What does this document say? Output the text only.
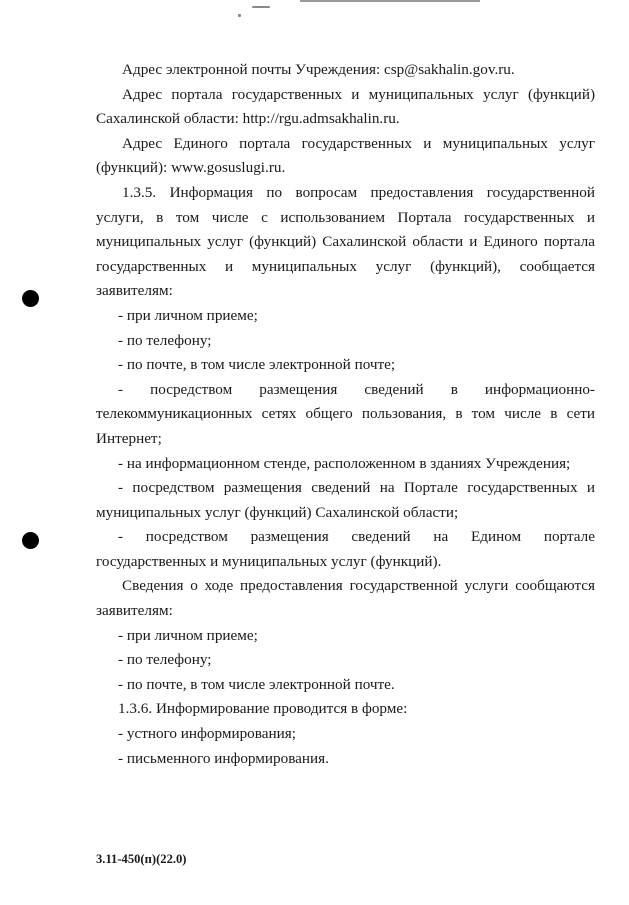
Адрес электронной почты Учреждения: csp@sakhalin.gov.ru.

Адрес портала государственных и муниципальных услуг (функций) Сахалинской области: http://rgu.admsakhalin.ru.

Адрес Единого портала государственных и муниципальных услуг (функций): www.gosuslugi.ru.

1.3.5. Информация по вопросам предоставления государственной услуги, в том числе с использованием Портала государственных и муниципальных услуг (функций) Сахалинской области и Единого портала государственных и муниципальных услуг (функций), сообщается заявителям:

- при личном приеме;

- по телефону;

- по почте, в том числе электронной почте;

- посредством размещения сведений в информационно-телекоммуникационных сетях общего пользования, в том числе в сети Интернет;

- на информационном стенде, расположенном в зданиях Учреждения;

- посредством размещения сведений на Портале государственных и муниципальных услуг (функций) Сахалинской области;

- посредством размещения сведений на Едином портале государственных и муниципальных услуг (функций).

Сведения о ходе предоставления государственной услуги сообщаются заявителям:

- при личном приеме;

- по телефону;

- по почте, в том числе электронной почте.

1.3.6. Информирование проводится в форме:

- устного информирования;

- письменного информирования.

3.11-450(п)(22.0)
